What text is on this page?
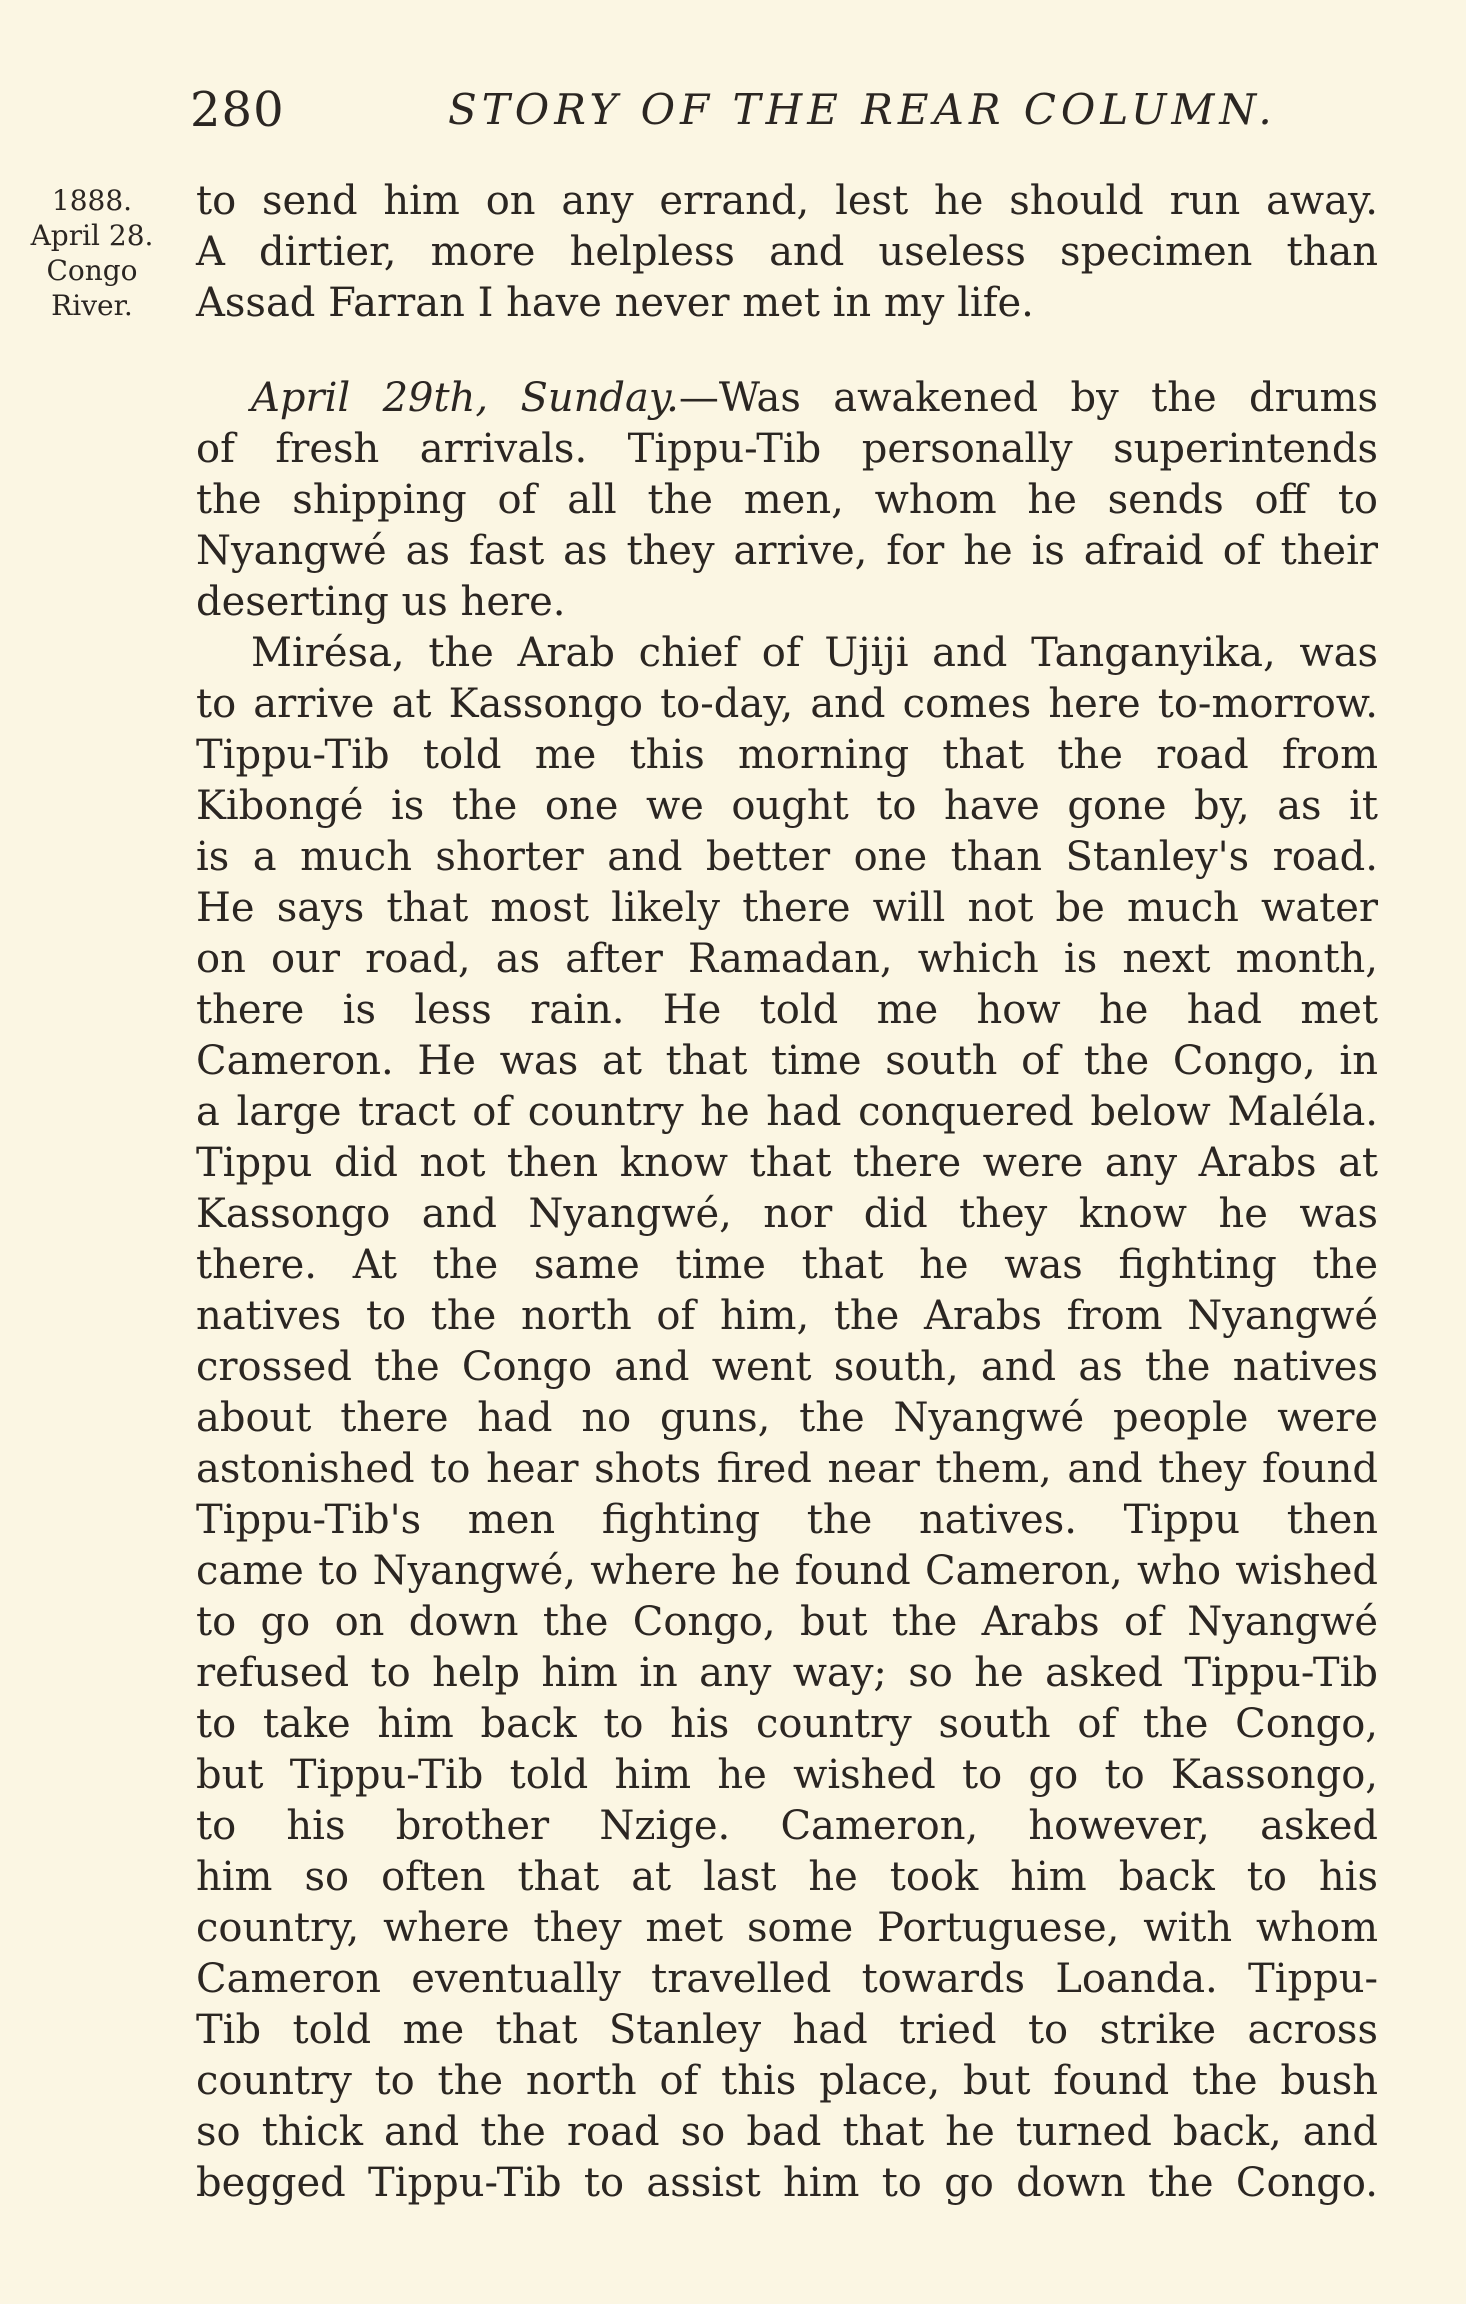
280	STORY OF THE REAR COLUMN.
1888.
April 28.
Congo
River.
to send him on any errand, lest he should run away.
A dirtier, more helpless and useless specimen than
Assad Farran I have never met in my life.
April 29th, Sunday.—Was awakened by the drums
of fresh arrivals. Tippu-Tib personally superintends
the shipping of all the men, whom he sends off to
Nyangwé as fast as they arrive, for he is afraid of their
deserting us here.
Mirésa, the Arab chief of Ujiji and Tanganyika, was
to arrive at Kassongo to-day, and comes here to-morrow.
Tippu-Tib told me this morning that the road from
Kibongé is the one we ought to have gone by, as it
is a much shorter and better one than Stanley's road.
He says that most likely there will not be much water
on our road, as after Ramadan, which is next month,
there is less rain. He told me how he had met
Cameron. He was at that time south of the Congo, in
a large tract of country he had conquered below Maléla.
Tippu did not then know that there were any Arabs at
Kassongo and Nyangwé, nor did they know he was
there. At the same time that he was fighting the
natives to the north of him, the Arabs from Nyangwé
crossed the Congo and went south, and as the natives
about there had no guns, the Nyangwé people were
astonished to hear shots fired near them, and they found
Tippu-Tib's men fighting the natives. Tippu then
came to Nyangwé, where he found Cameron, who wished
to go on down the Congo, but the Arabs of Nyangwé
refused to help him in any way; so he asked Tippu-Tib
to take him back to his country south of the Congo,
but Tippu-Tib told him he wished to go to Kassongo,
to his brother Nzige. Cameron, however, asked
him so often that at last he took him back to his
country, where they met some Portuguese, with whom
Cameron eventually travelled towards Loanda. Tippu-
Tib told me that Stanley had tried to strike across
country to the north of this place, but found the bush
so thick and the road so bad that he turned back, and
begged Tippu-Tib to assist him to go down the Congo.
